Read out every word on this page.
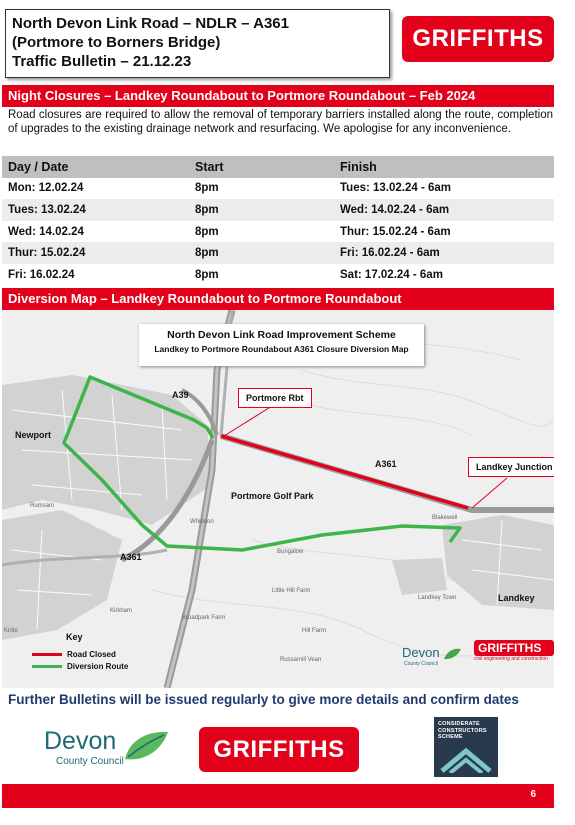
North Devon Link Road – NDLR – A361
(Portmore to Borners Bridge)
Traffic Bulletin – 21.12.23
GRIFFITHS
Night Closures – Landkey Roundabout to Portmore Roundabout – Feb 2024
Road closures are required to allow the removal of temporary barriers installed along the route, completion of upgrades to the existing drainage network and resurfacing. We apologise for any inconvenience.
Day / Date	Start	Finish
Mon: 12.02.24	8pm	Tues: 13.02.24 - 6am
Tues: 13.02.24	8pm	Wed: 14.02.24 - 6am
Wed: 14.02.24	8pm	Thur: 15.02.24 - 6am
Thur: 15.02.24	8pm	Fri: 16.02.24 - 6am
Fri: 16.02.24	8pm	Sat: 17.02.24 - 6am
Diversion Map – Landkey Roundabout to Portmore Roundabout
North Devon Link Road Improvement Scheme
Landkey to Portmore Roundabout A361 Closure Diversion Map
Portmore Rbt
Landkey Junction
Newport
A39
A361
A361
Portmore Golf Park
Landkey
Whiddon
Landkey Town
Rumsam
Kirkham
Broadpark Farm
Little Hill Farm
Bungalow
Hill Farm
Blakewell
Russamill Vean
Kirtle
Key
Road Closed
Diversion Route
Devon
County Council
GRIFFITHS
civil engineering and construction
Further Bulletins will be issued regularly to give more details and confirm dates
Devon
County Council	GRIFFITHS
CONSIDERATE CONSTRUCTORS SCHEME
6
